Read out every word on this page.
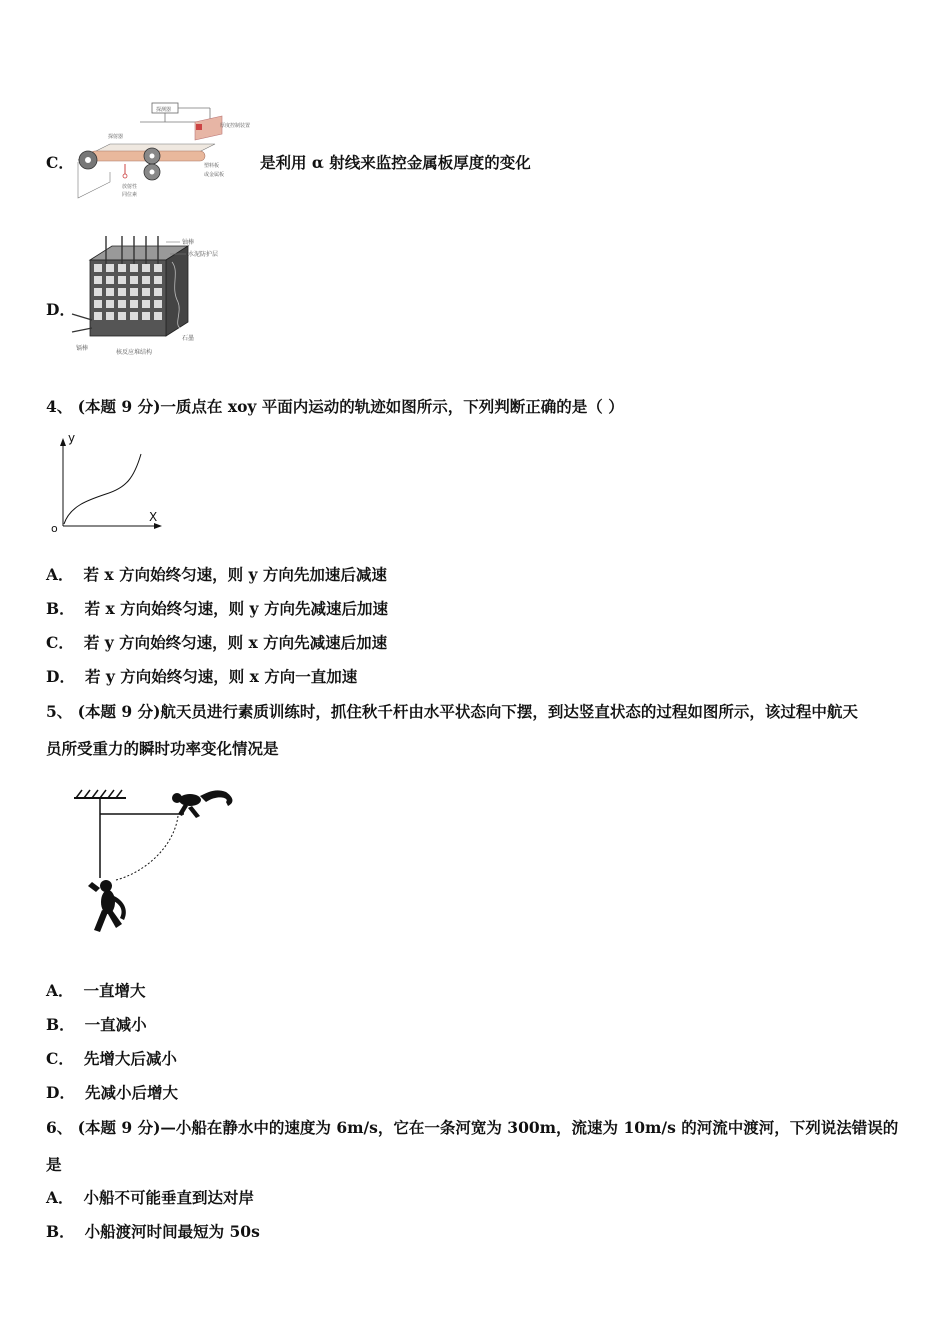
C．
探测器
厚度控制装置
探射器
放射性
同位素
塑料板
或金属板
是利用 α 射线来监控金属板厚度的变化
D．
铀棒
水泥防护层
石墨
镉棒
核反应堆结构
4、 (本题 9 分)一质点在 xoy 平面内运动的轨迹如图所示，下列判断正确的是（ ）
y
X
o
A． 若 x 方向始终匀速，则 y 方向先加速后减速
B． 若 x 方向始终匀速，则 y 方向先减速后加速
C． 若 y 方向始终匀速，则 x 方向先减速后加速
D． 若 y 方向始终匀速，则 x 方向一直加速
5、 (本题 9 分)航天员进行素质训练时，抓住秋千杆由水平状态向下摆，到达竖直状态的过程如图所示，该过程中航天
员所受重力的瞬时功率变化情况是
A． 一直增大
B． 一直减小
C． 先增大后减小
D． 先减小后增大
6、 (本题 9 分)—小船在静水中的速度为 6m/s，它在一条河宽为 300m，流速为 10m/s 的河流中渡河，下列说法错误的
是
A． 小船不可能垂直到达对岸
B． 小船渡河时间最短为 50s
